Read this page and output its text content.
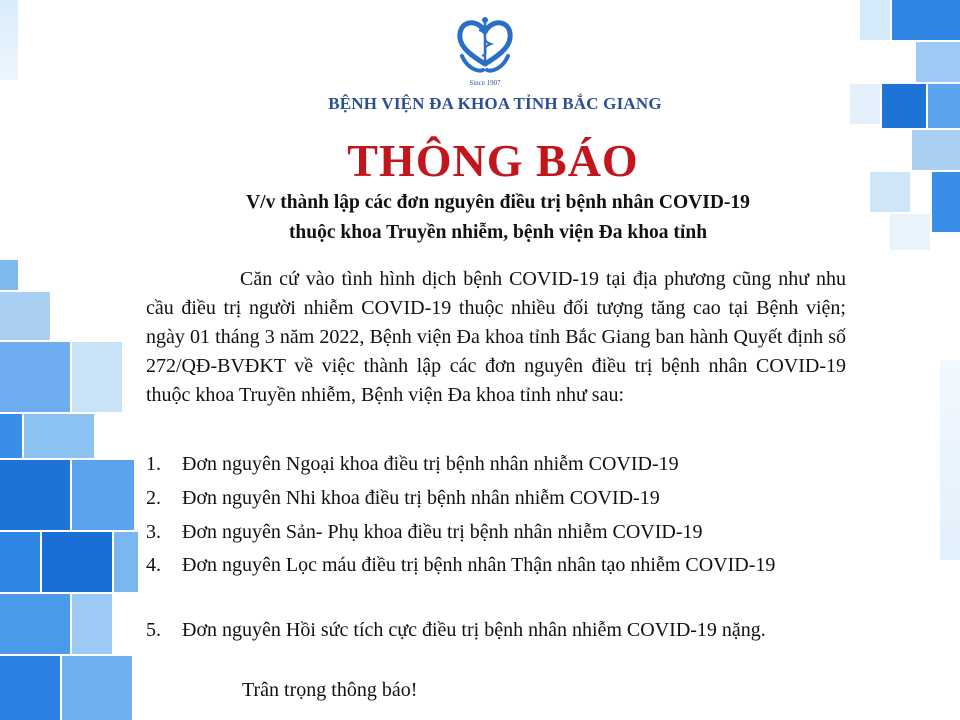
Since 1907
BỆNH VIỆN ĐA KHOA TỈNH BẮC GIANG
THÔNG BÁO
V/v thành lập các đơn nguyên điều trị bệnh nhân COVID-19
thuộc khoa Truyền nhiễm, bệnh viện Đa khoa tỉnh

Căn cứ vào tình hình dịch bệnh COVID-19 tại địa phương cũng như nhu cầu điều trị người nhiễm COVID-19 thuộc nhiều đối tượng tăng cao tại Bệnh viện; ngày 01 tháng 3 năm 2022, Bệnh viện Đa khoa tỉnh Bắc Giang ban hành Quyết định số 272/QĐ-BVĐKT về việc thành lập các đơn nguyên điều trị bệnh nhân COVID-19 thuộc khoa Truyền nhiễm, Bệnh viện Đa khoa tỉnh như sau:

1. Đơn nguyên Ngoại khoa điều trị bệnh nhân nhiễm COVID-19
2. Đơn nguyên Nhi khoa điều trị bệnh nhân nhiễm COVID-19
3. Đơn nguyên Sản- Phụ khoa điều trị bệnh nhân nhiễm COVID-19
4. Đơn nguyên Lọc máu điều trị bệnh nhân Thận nhân tạo nhiễm COVID-19
5. Đơn nguyên Hồi sức tích cực điều trị bệnh nhân nhiễm COVID-19 nặng.
Trân trọng thông báo!
